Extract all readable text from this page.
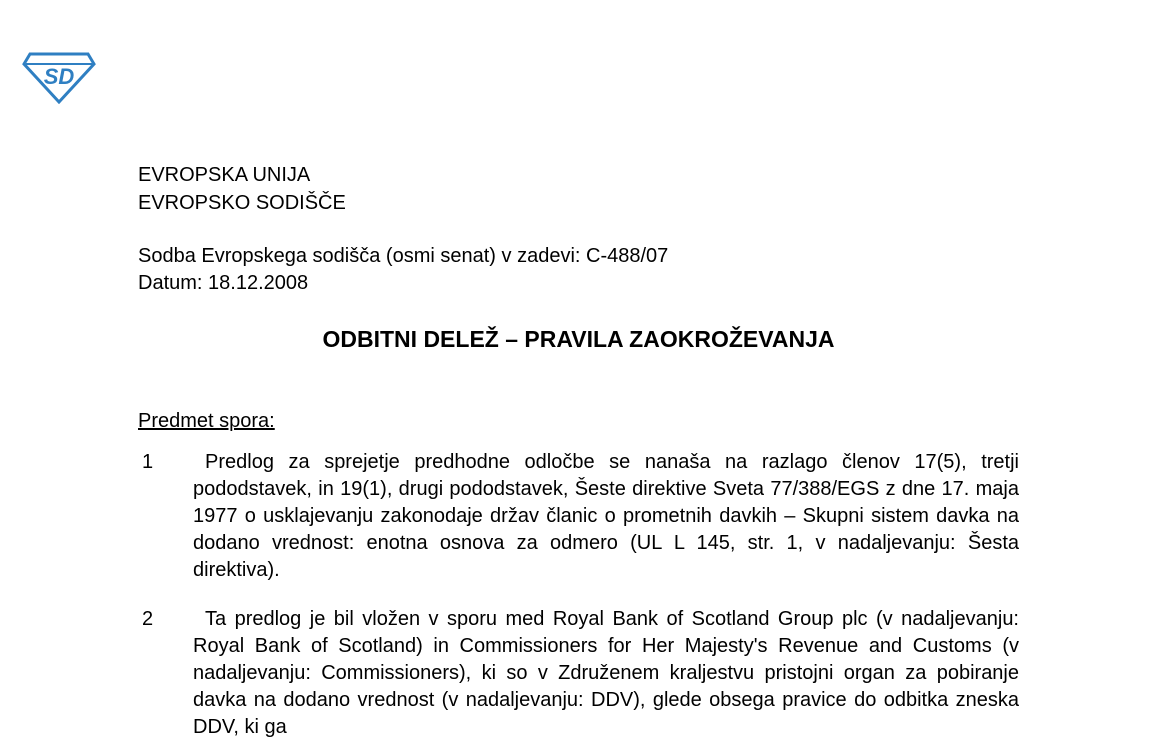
SD
EVROPSKA UNIJA
EVROPSKO SODIŠČE
Sodba Evropskega sodišča (osmi senat) v zadevi: C-488/07
Datum: 18.12.2008
ODBITNI DELEŽ – PRAVILA ZAOKROŽEVANJA
Predmet spora:
1	Predlog za sprejetje predhodne odločbe se nanaša na razlago členov 17(5), tretji pododstavek, in 19(1), drugi pododstavek, Šeste direktive Sveta 77/388/EGS z dne 17. maja 1977 o usklajevanju zakonodaje držav članic o prometnih davkih – Skupni sistem davka na dodano vrednost: enotna osnova za odmero (UL L 145, str. 1, v nadaljevanju: Šesta direktiva).
2	Ta predlog je bil vložen v sporu med Royal Bank of Scotland Group plc (v nadaljevanju: Royal Bank of Scotland) in Commissioners for Her Majesty's Revenue and Customs (v nadaljevanju: Commissioners), ki so v Združenem kraljestvu pristojni organ za pobiranje davka na dodano vrednost (v nadaljevanju: DDV), glede obsega pravice do odbitka zneska DDV, ki ga
